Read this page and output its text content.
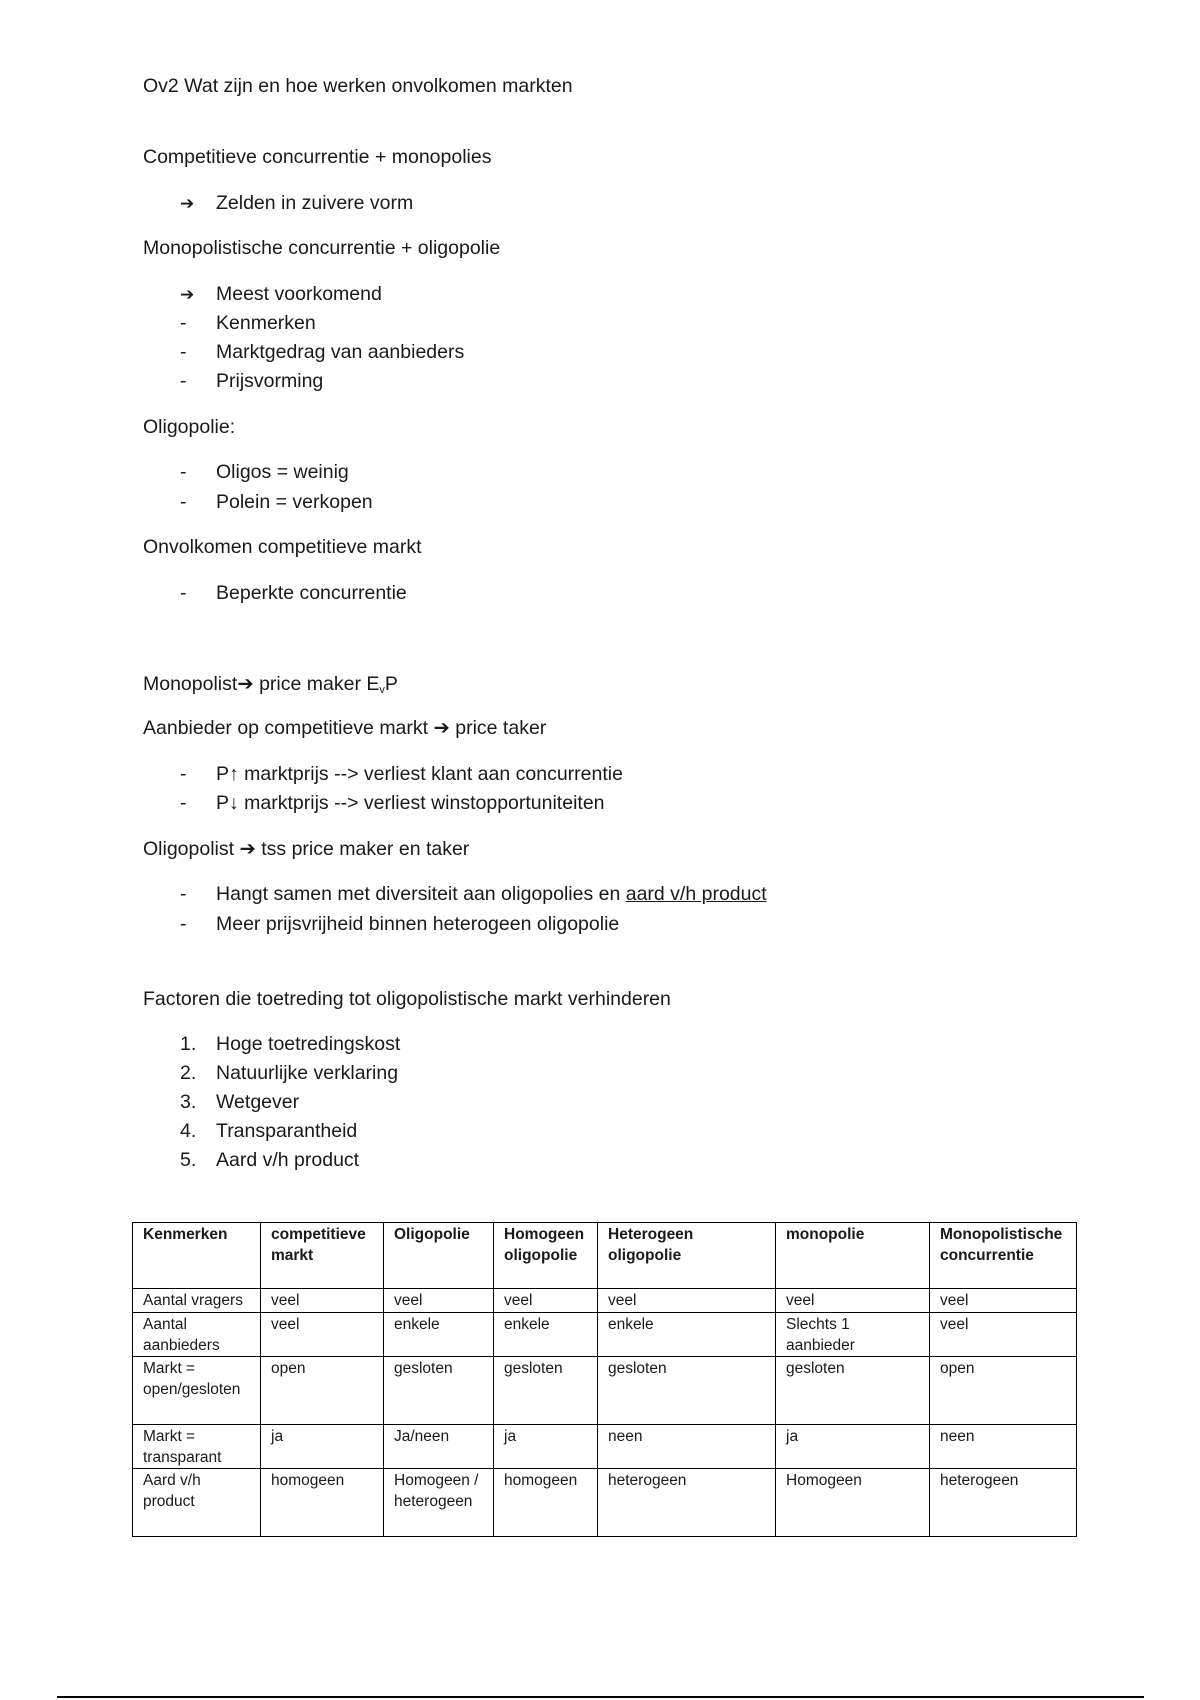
Ov2 Wat zijn en hoe werken onvolkomen markten
Competitieve concurrentie + monopolies
➔ Zelden in zuivere vorm
Monopolistische concurrentie + oligopolie
➔ Meest voorkomend
- Kenmerken
- Marktgedrag van aanbieders
- Prijsvorming
Oligopolie:
- Oligos = weinig
- Polein = verkopen
Onvolkomen competitieve markt
- Beperkte concurrentie
Monopolist➔ price maker $E_vP$
Aanbieder op competitieve markt ➔ price taker
- P↑ marktprijs --> verliest klant aan concurrentie
- P↓ marktprijs --> verliest winstopportuniteiten
Oligopolist ➔ tss price maker en taker
- Hangt samen met diversiteit aan oligopolies en aard v/h product
- Meer prijsvrijheid binnen heterogeen oligopolie
Factoren die toetreding tot oligopolistische markt verhinderen
1. Hoge toetredingskost
2. Natuurlijke verklaring
3. Wetgever
4. Transparantheid
5. Aard v/h product
Kenmerken	competitieve markt	Oligopolie	Homogeen oligopolie	Heterogeen oligopolie	monopolie	Monopolistische concurrentie
Aantal vragers	veel	veel	veel	veel	veel	veel
Aantal aanbieders	veel	enkele	enkele	enkele	Slechts 1 aanbieder	veel
Markt = open/gesloten	open	gesloten	gesloten	gesloten	gesloten	open
Markt = transparant	ja	Ja/neen	ja	neen	ja	neen
Aard v/h product	homogeen	Homogeen / heterogeen	homogeen	heterogeen	Homogeen	heterogeen
